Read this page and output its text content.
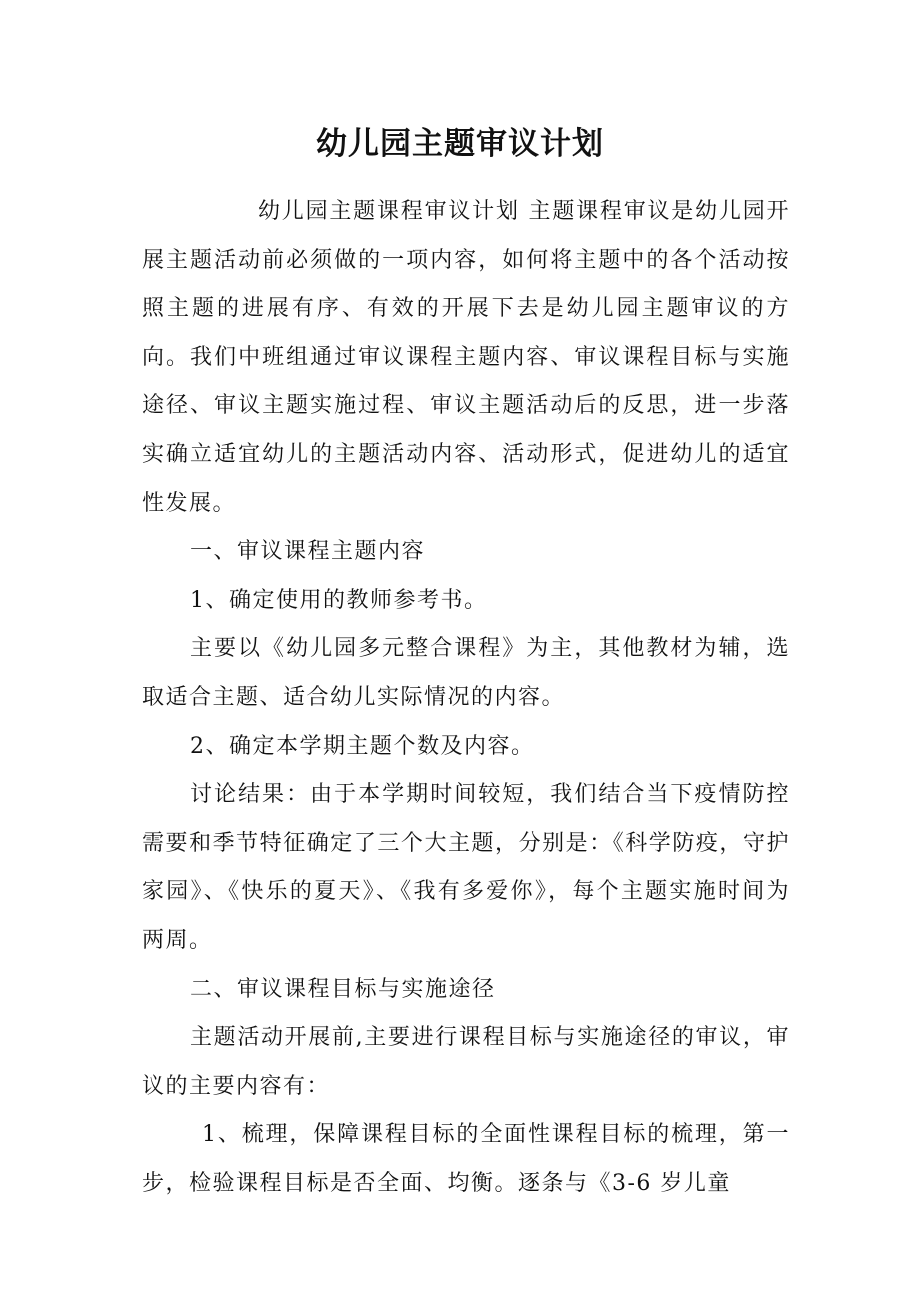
幼儿园主题审议计划

幼儿园主题课程审议计划 主题课程审议是幼儿园开展主题活动前必须做的一项内容，如何将主题中的各个活动按照主题的进展有序、有效的开展下去是幼儿园主题审议的方向。我们中班组通过审议课程主题内容、审议课程目标与实施途径、审议主题实施过程、审议主题活动后的反思，进一步落实确立适宜幼儿的主题活动内容、活动形式，促进幼儿的适宜性发展。

一、审议课程主题内容

1、确定使用的教师参考书。

主要以《幼儿园多元整合课程》为主，其他教材为辅，选取适合主题、适合幼儿实际情况的内容。

2、确定本学期主题个数及内容。

讨论结果：由于本学期时间较短，我们结合当下疫情防控需要和季节特征确定了三个大主题，分别是：《科学防疫，守护家园》、《快乐的夏天》、《我有多爱你》，每个主题实施时间为两周。

二、审议课程目标与实施途径

主题活动开展前,主要进行课程目标与实施途径的审议，审议的主要内容有：

1、梳理，保障课程目标的全面性课程目标的梳理，第一步，检验课程目标是否全面、均衡。逐条与《3-6 岁儿童
